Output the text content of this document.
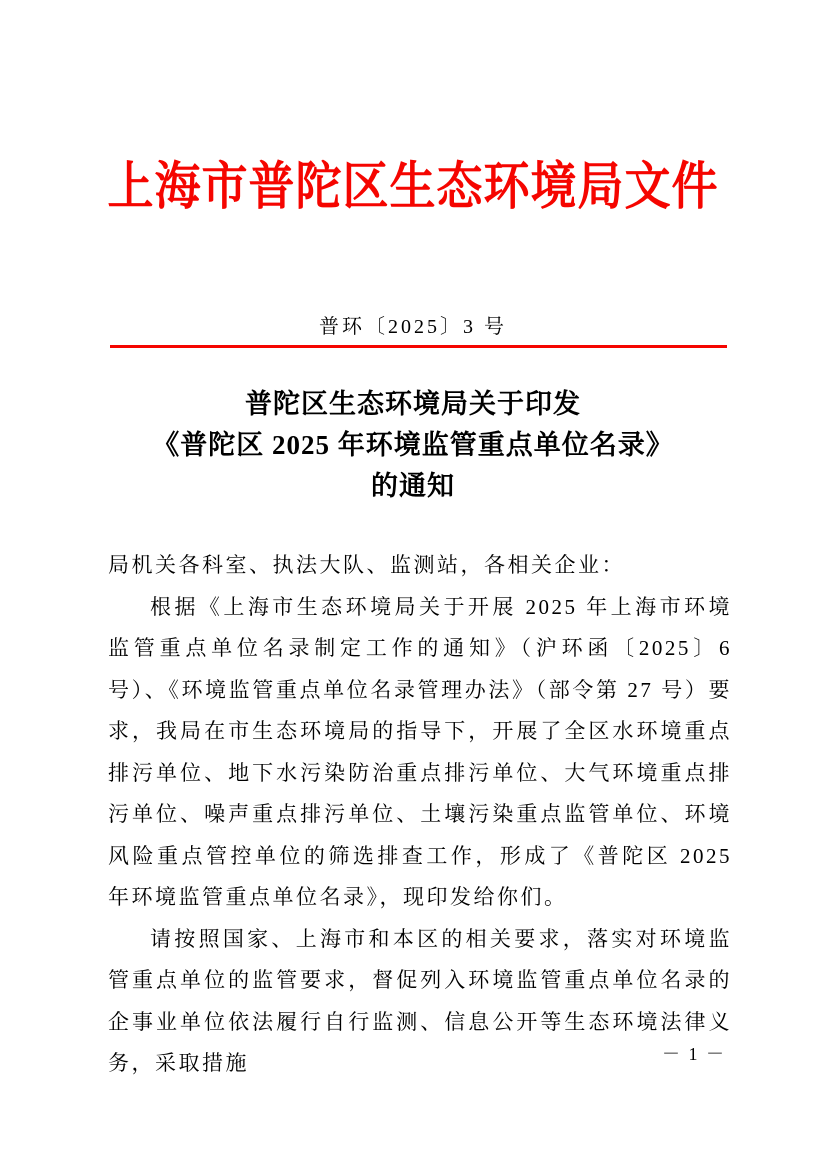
上海市普陀区生态环境局文件
普环〔2025〕3 号
普陀区生态环境局关于印发
《普陀区 2025 年环境监管重点单位名录》
的通知

局机关各科室、执法大队、监测站，各相关企业：

根据《上海市生态环境局关于开展 2025 年上海市环境监管重点单位名录制定工作的通知》（沪环函〔2025〕6 号）、《环境监管重点单位名录管理办法》（部令第 27 号）要求，我局在市生态环境局的指导下，开展了全区水环境重点排污单位、地下水污染防治重点排污单位、大气环境重点排污单位、噪声重点排污单位、土壤污染重点监管单位、环境风险重点管控单位的筛选排查工作，形成了《普陀区 2025 年环境监管重点单位名录》，现印发给你们。

请按照国家、上海市和本区的相关要求，落实对环境监管重点单位的监管要求，督促列入环境监管重点单位名录的企事业单位依法履行自行监测、信息公开等生态环境法律义务，采取措施	－ 1 －
